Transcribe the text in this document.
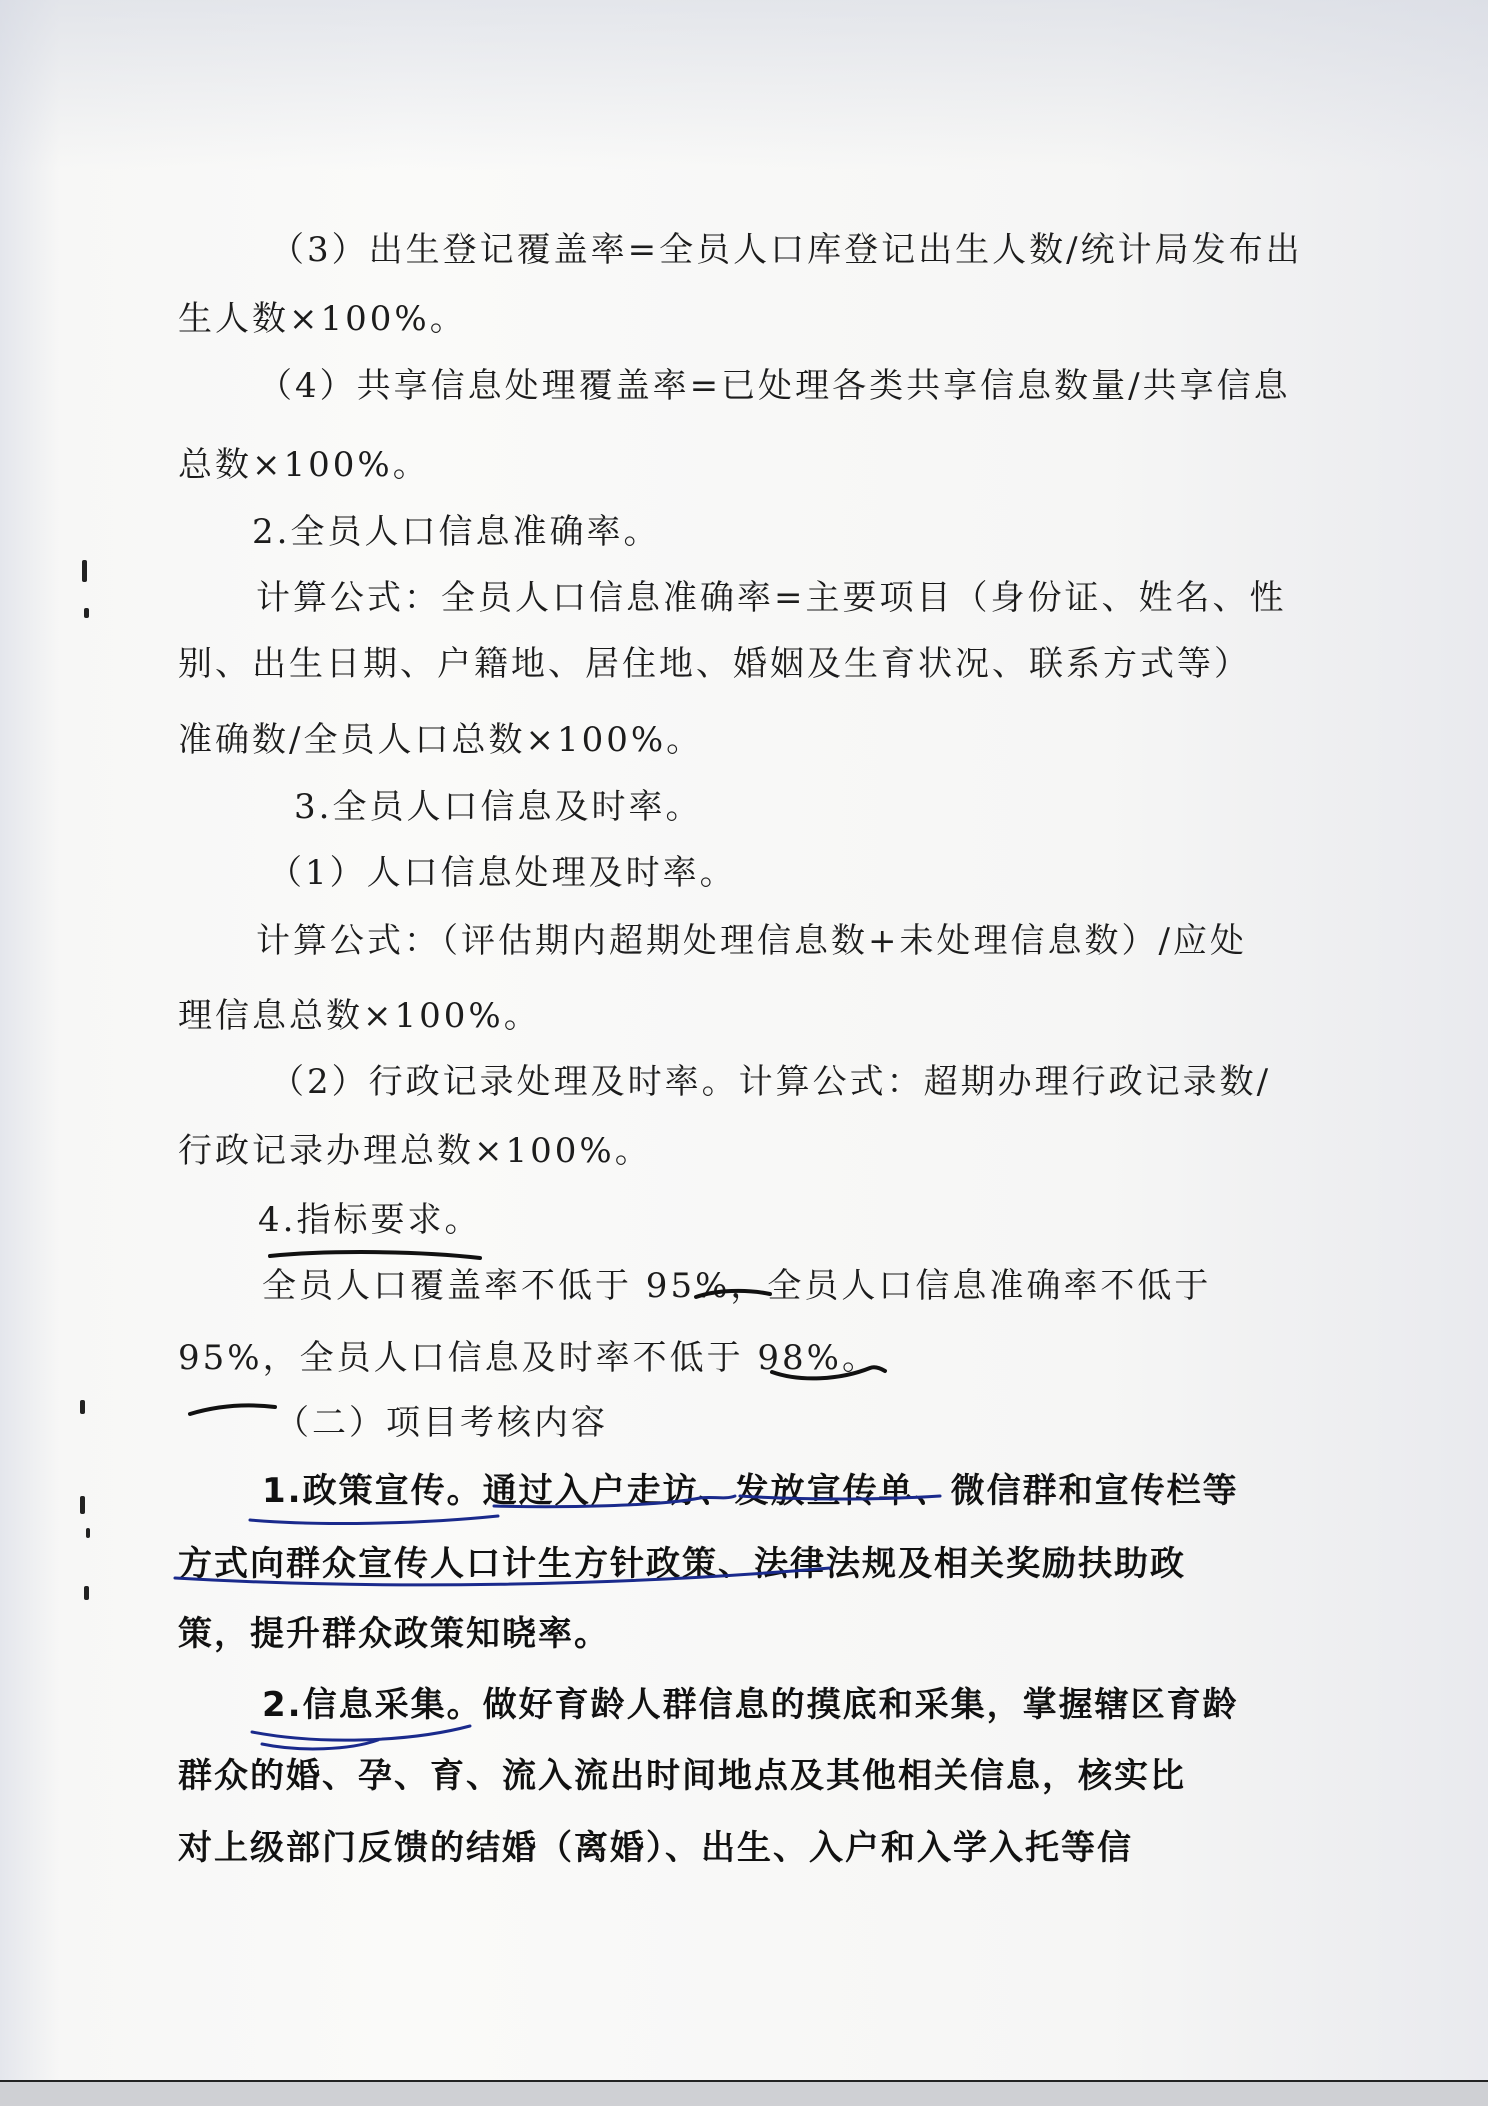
（3）出生登记覆盖率=全员人口库登记出生人数/统计局发布出

生人数×100%。

（4）共享信息处理覆盖率=已处理各类共享信息数量/共享信息

总数×100%。

2.全员人口信息准确率。

计算公式：全员人口信息准确率=主要项目（身份证、姓名、性

别、出生日期、户籍地、居住地、婚姻及生育状况、联系方式等）

准确数/全员人口总数×100%。

3.全员人口信息及时率。

（1）人口信息处理及时率。

计算公式：（评估期内超期处理信息数+未处理信息数）/应处

理信息总数×100%。

（2）行政记录处理及时率。计算公式：超期办理行政记录数/

行政记录办理总数×100%。

4.指标要求。

全员人口覆盖率不低于 95%，全员人口信息准确率不低于

95%，全员人口信息及时率不低于 98%。

（二）项目考核内容

1.政策宣传。通过入户走访、发放宣传单、微信群和宣传栏等

方式向群众宣传人口计生方针政策、法律法规及相关奖励扶助政

策，提升群众政策知晓率。

2.信息采集。做好育龄人群信息的摸底和采集，掌握辖区育龄

群众的婚、孕、育、流入流出时间地点及其他相关信息，核实比

对上级部门反馈的结婚（离婚）、出生、入户和入学入托等信
